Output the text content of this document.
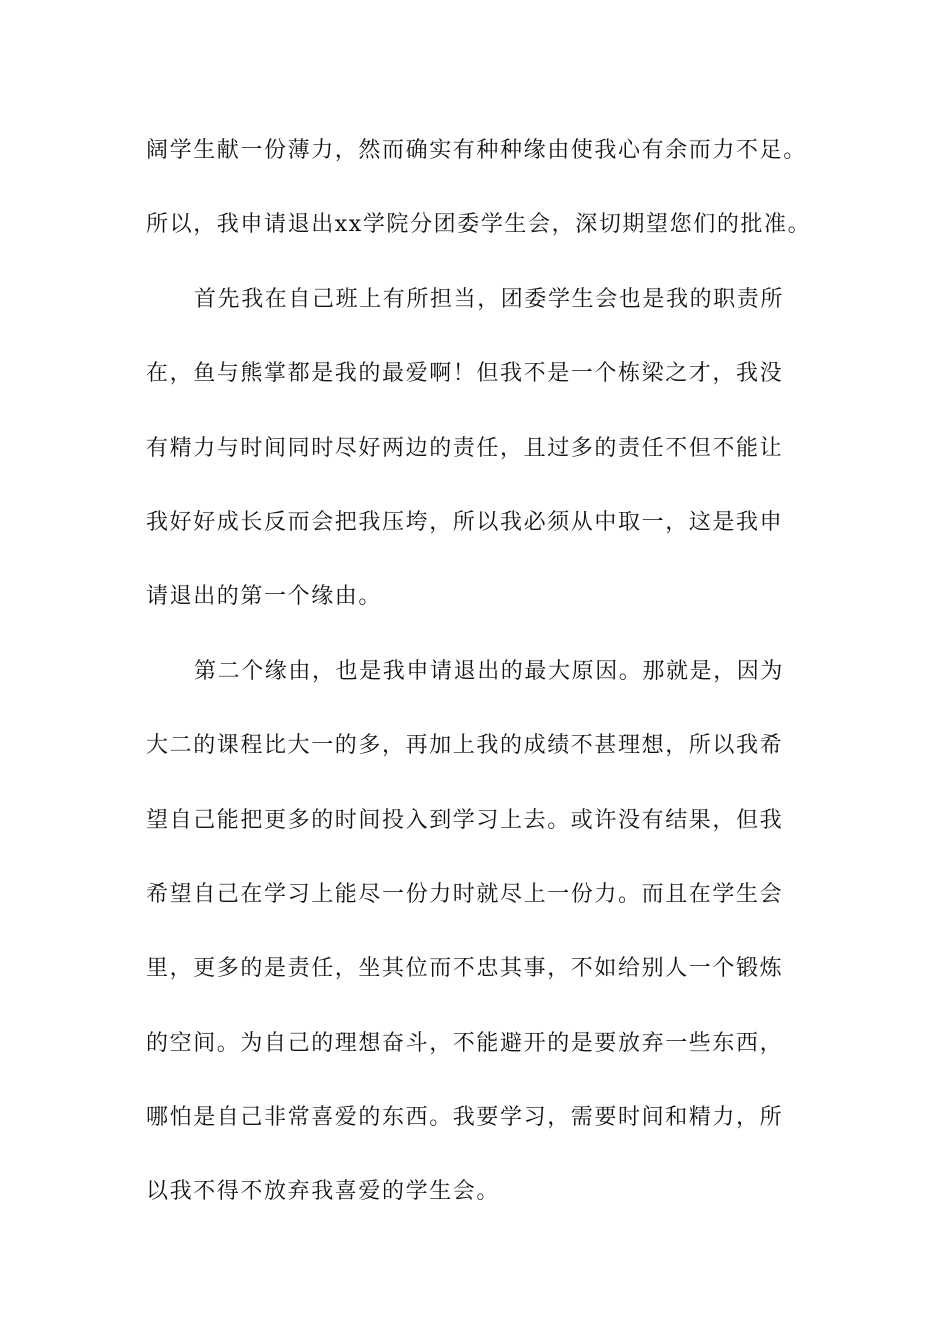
阔学生献一份薄力，然而确实有种种缘由使我心有余而力不足。
所以，我申请退出xx学院分团委学生会，深切期望您们的批准。
首先我在自己班上有所担当，团委学生会也是我的职责所
在，鱼与熊掌都是我的最爱啊！但我不是一个栋梁之才，我没
有精力与时间同时尽好两边的责任，且过多的责任不但不能让
我好好成长反而会把我压垮，所以我必须从中取一，这是我申
请退出的第一个缘由。
第二个缘由，也是我申请退出的最大原因。那就是，因为
大二的课程比大一的多，再加上我的成绩不甚理想，所以我希
望自己能把更多的时间投入到学习上去。或许没有结果，但我
希望自己在学习上能尽一份力时就尽上一份力。而且在学生会
里，更多的是责任，坐其位而不忠其事，不如给别人一个锻炼
的空间。为自己的理想奋斗，不能避开的是要放弃一些东西，
哪怕是自己非常喜爱的东西。我要学习，需要时间和精力，所
以我不得不放弃我喜爱的学生会。
